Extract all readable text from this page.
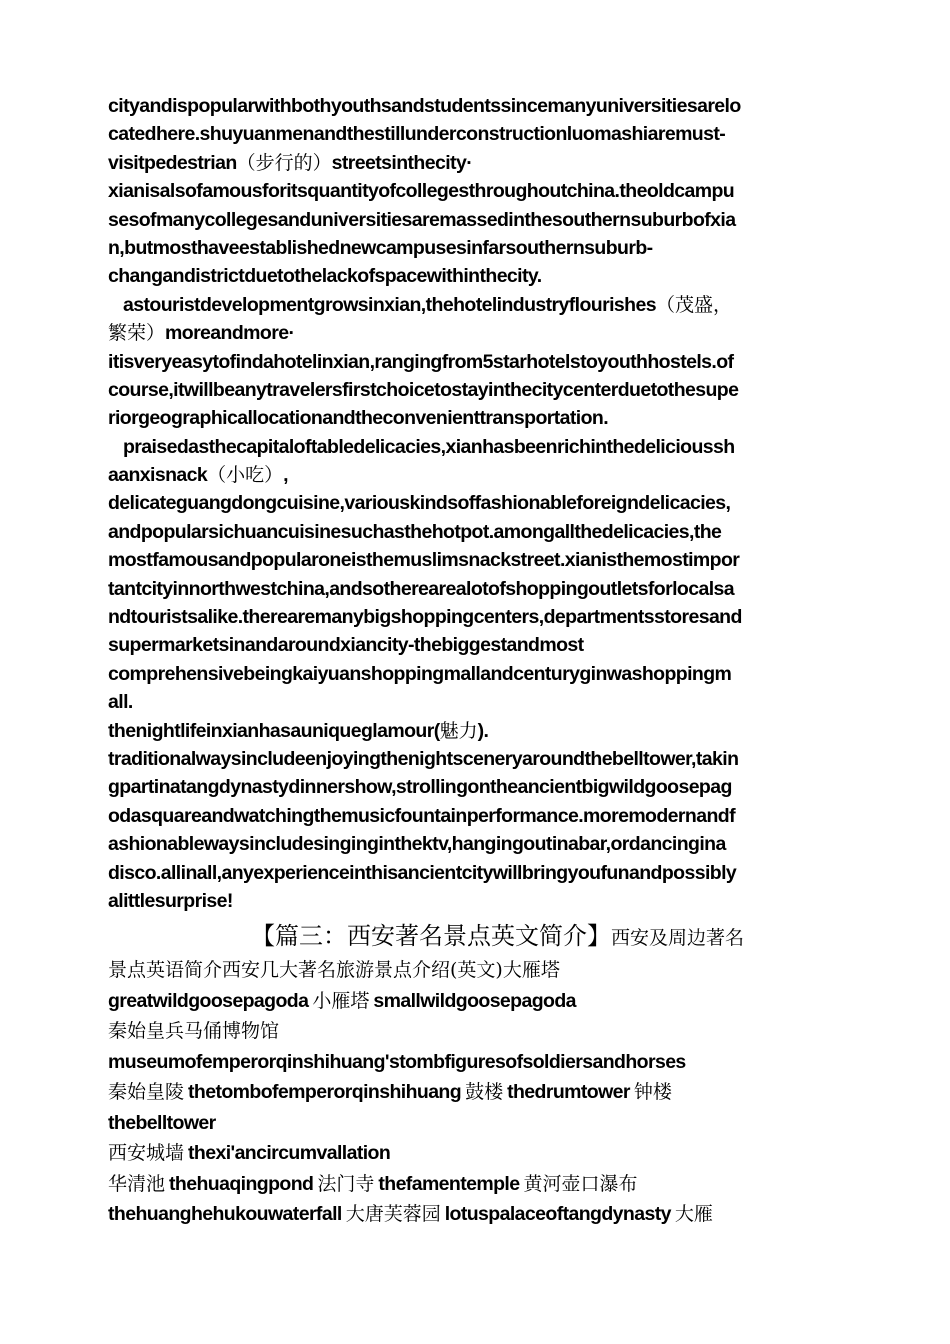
cityandispopularwithbothyouthsandstudentssincemanyuniversitiesarelo
catedhere.shuyuanmenandthestillunderconstructionluomashiaremust-
visitpedestrian（步行的）streetsinthecity·
xianisalsofamousforitsquantityofcollegesthroughoutchina.theoldcampu
sesofmanycollegesanduniversitiesaremassedinthesouthernsuburbofxia
n,butmosthaveestablishednewcampusesinfarsouthernsuburb-
changandistrictduetothelackofspacewithinthecity.
astouristdevelopmentgrowsinxian,thehotelindustryflourishes（茂盛，
繁荣）moreandmore·
itisveryeasytofindahotelinxian,rangingfrom5starhotelstoyouthhostels.of
course,itwillbeanytravelersfirstchoicetostayinthecitycenterduetothesupe
riorgeographicallocationandtheconvenienttransportation.
praisedasthecapitaloftabledelicacies,xianhasbeenrichinthedelicioussh
aanxisnack（小吃）,
delicateguangdongcuisine,variouskindsoffashionableforeigndelicacies,
andpopularsichuancuisinesuchasthehotpot.amongallthedelicacies,the
mostfamousandpopularoneisthemuslimsnackstreet.xianisthemostimpor
tantcityinnorthwestchina,andsotherearealotofshoppingoutletsforlocalsa
ndtouristsalike.therearemanybigshoppingcenters,departmentsstoresand
supermarketsinandaroundxiancity-thebiggestandmost
comprehensivebeingkaiyuanshoppingmallandcenturyginwashoppingm
all.
thenightlifeinxianhasauniqueglamour(魅力).
traditionalwaysincludeenjoyingthenightsceneryaroundthebelltower,takin
gpartinatangdynastydinnershow,strollingontheancientbigwildgoosepag
odasquareandwatchingthemusicfountainperformance.moremodernandf
ashionablewaysincludesinginginthektv,hangingoutinabar,ordancingina
disco.allinall,anyexperienceinthisancientcitywillbringyoufunandpossibly
alittlesurprise!
【篇三：西安著名景点英文简介】西安及周边著名
景点英语简介西安几大著名旅游景点介绍(英文)大雁塔
greatwildgoosepagoda 小雁塔 smallwildgoosepagoda
秦始皇兵马俑博物馆
museumofemperorqinshihuang'stombfiguresofsoldiersandhorses
秦始皇陵 thetombofemperorqinshihuang 鼓楼 thedrumtower 钟楼
thebelltower
西安城墙 thexi'ancircumvallation
华清池 thehuaqingpond 法门寺 thefamentemple 黄河壶口瀑布
thehuanghehukouwaterfall 大唐芙蓉园 lotuspalaceoftangdynasty 大雁
